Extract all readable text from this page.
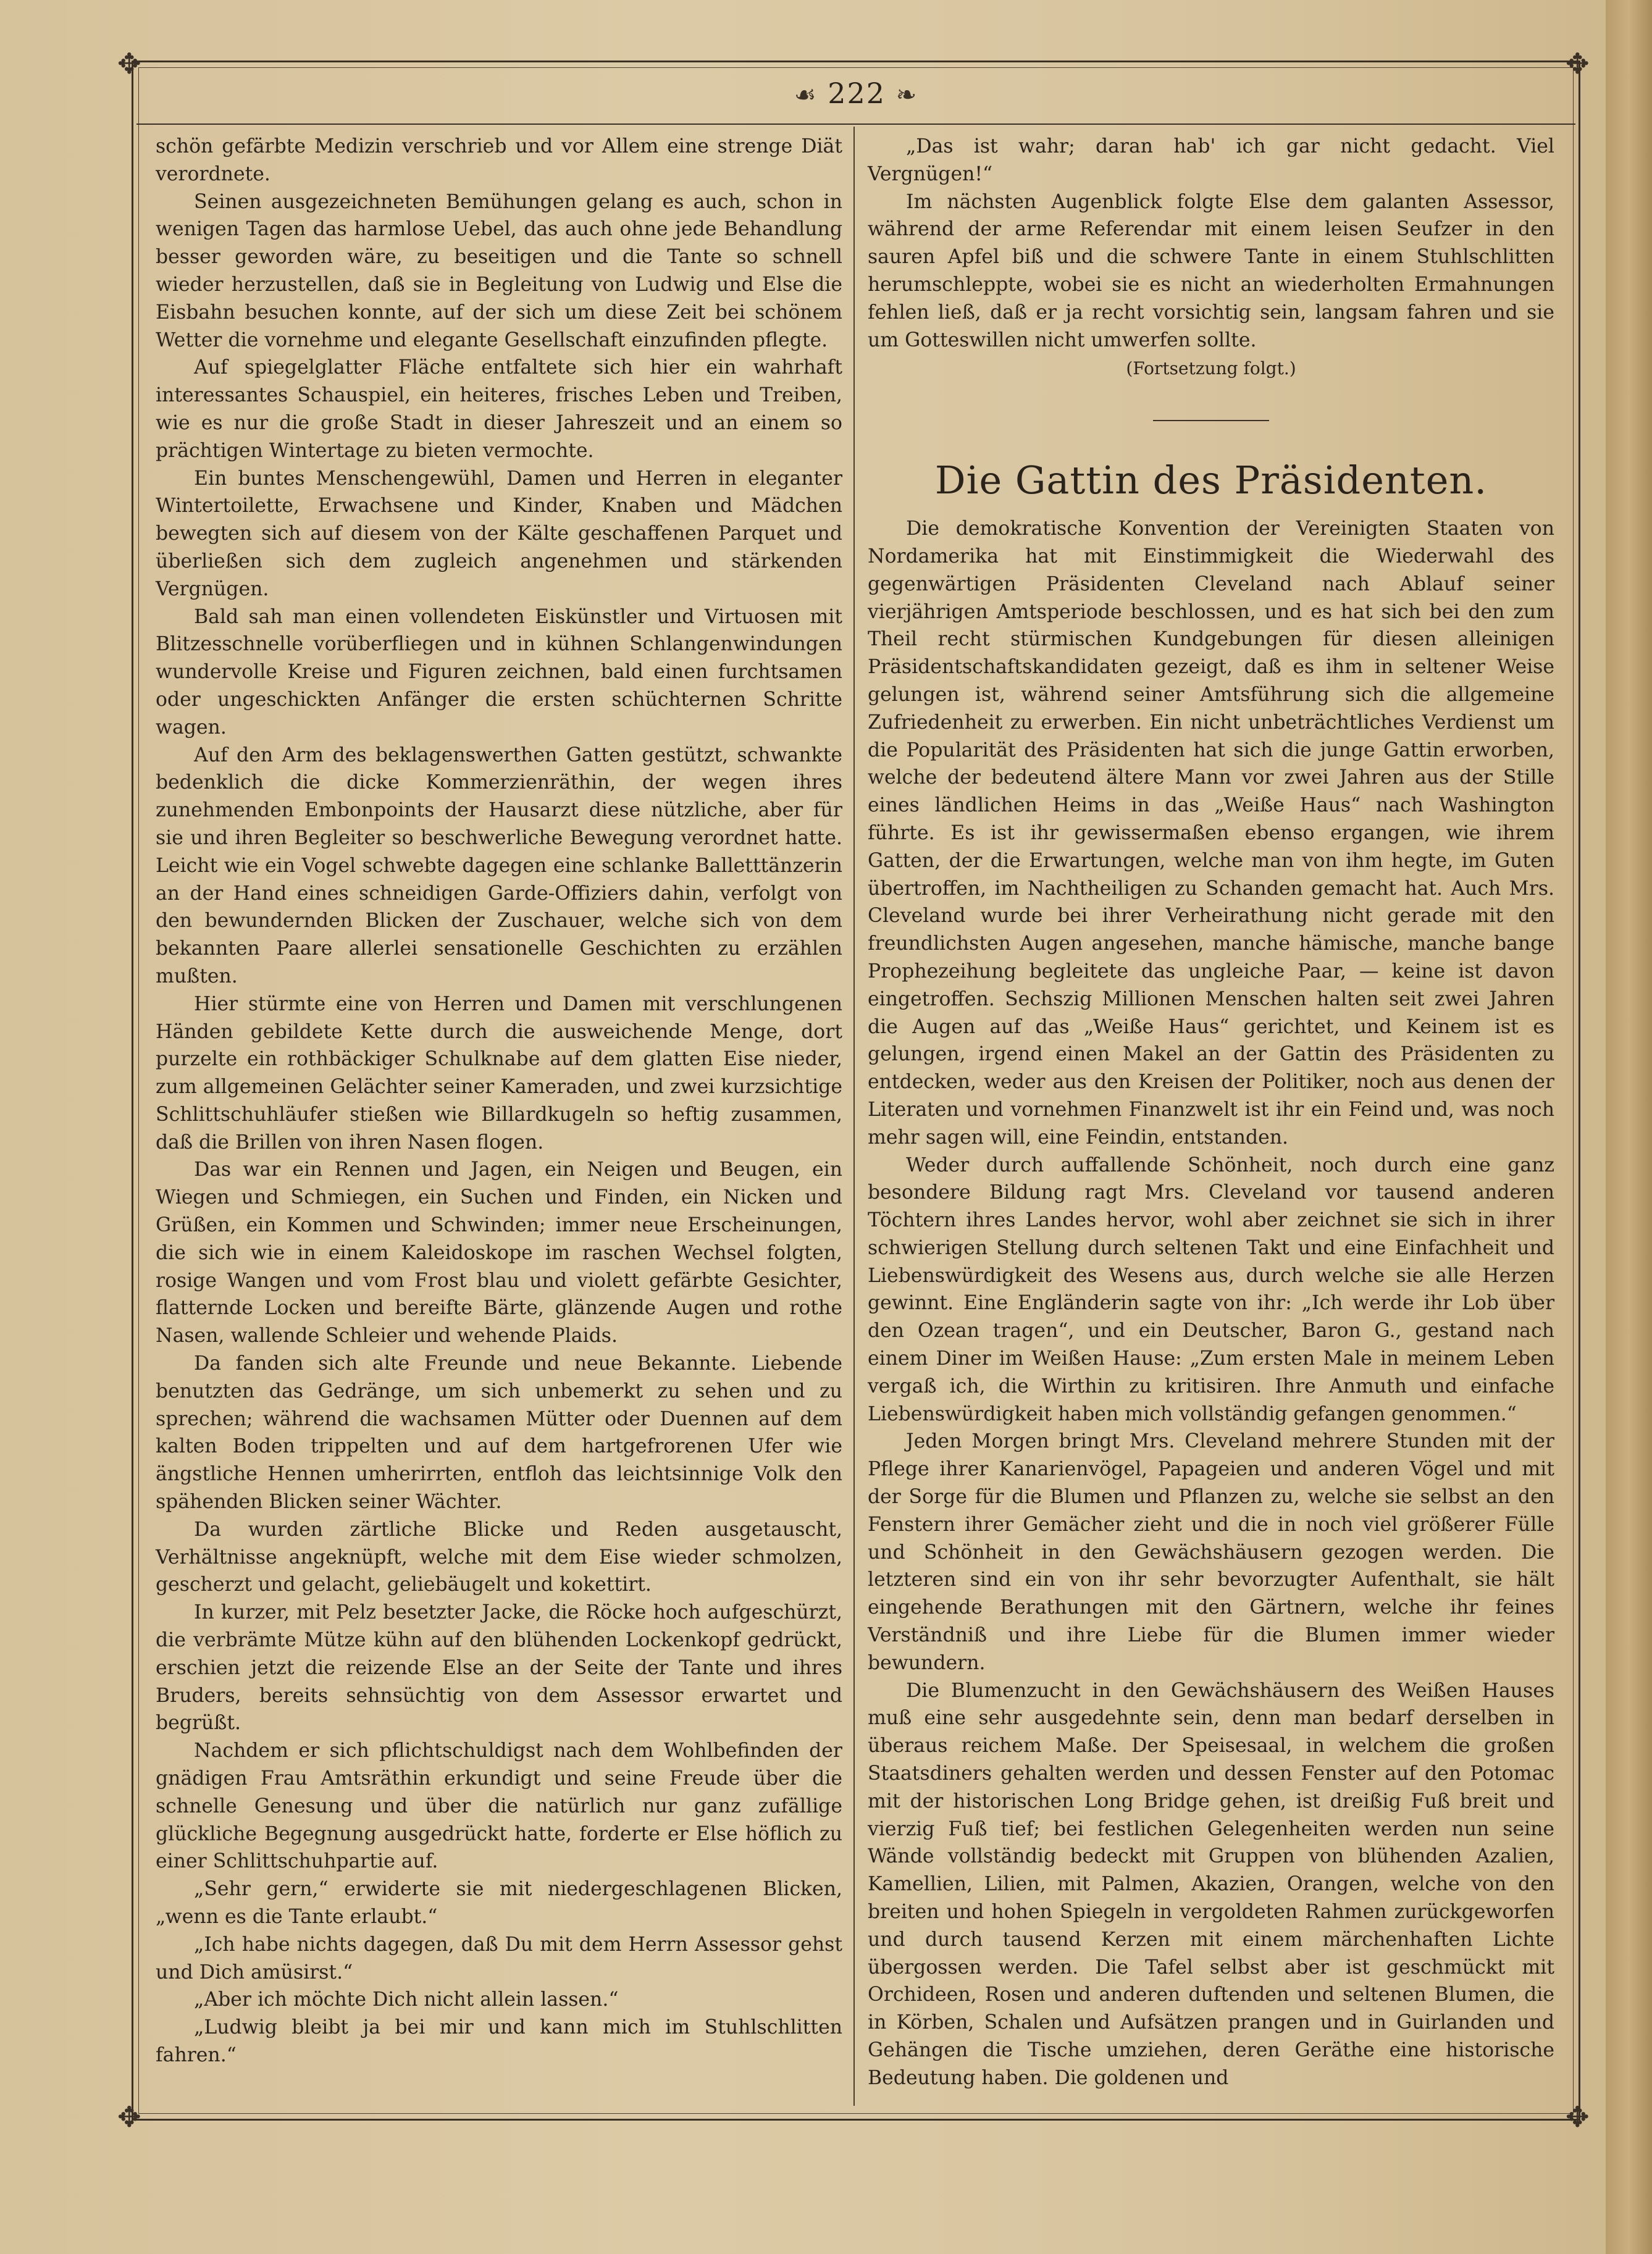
✥	✥
✥	✥
☙ 222 ❧

schön gefärbte Medizin verschrieb und vor Allem eine strenge Diät verordnete.

Seinen ausgezeichneten Bemühungen gelang es auch, schon in wenigen Tagen das harmlose Uebel, das auch ohne jede Behandlung besser geworden wäre, zu beseitigen und die Tante so schnell wieder herzustellen, daß sie in Begleitung von Ludwig und Else die Eisbahn besuchen konnte, auf der sich um diese Zeit bei schönem Wetter die vornehme und elegante Gesellschaft einzufinden pflegte.

Auf spiegelglatter Fläche entfaltete sich hier ein wahrhaft interessantes Schauspiel, ein heiteres, frisches Leben und Treiben, wie es nur die große Stadt in dieser Jahreszeit und an einem so prächtigen Wintertage zu bieten vermochte.

Ein buntes Menschengewühl, Damen und Herren in eleganter Wintertoilette, Erwachsene und Kinder, Knaben und Mädchen bewegten sich auf diesem von der Kälte geschaffenen Parquet und überließen sich dem zugleich angenehmen und stärkenden Vergnügen.

Bald sah man einen vollendeten Eiskünstler und Virtuosen mit Blitzesschnelle vorüberfliegen und in kühnen Schlangenwindungen wundervolle Kreise und Figuren zeichnen, bald einen furchtsamen oder ungeschickten Anfänger die ersten schüchternen Schritte wagen.

Auf den Arm des beklagenswerthen Gatten gestützt, schwankte bedenklich die dicke Kommerzienräthin, der wegen ihres zunehmenden Embonpoints der Hausarzt diese nützliche, aber für sie und ihren Begleiter so beschwerliche Bewegung verordnet hatte. Leicht wie ein Vogel schwebte dagegen eine schlanke Balletttänzerin an der Hand eines schneidigen Garde-Offiziers dahin, verfolgt von den bewundernden Blicken der Zuschauer, welche sich von dem bekannten Paare allerlei sensationelle Geschichten zu erzählen mußten.

Hier stürmte eine von Herren und Damen mit verschlungenen Händen gebildete Kette durch die ausweichende Menge, dort purzelte ein rothbäckiger Schulknabe auf dem glatten Eise nieder, zum allgemeinen Gelächter seiner Kameraden, und zwei kurzsichtige Schlittschuhläufer stießen wie Billardkugeln so heftig zusammen, daß die Brillen von ihren Nasen flogen.

Das war ein Rennen und Jagen, ein Neigen und Beugen, ein Wiegen und Schmiegen, ein Suchen und Finden, ein Nicken und Grüßen, ein Kommen und Schwinden; immer neue Erscheinungen, die sich wie in einem Kaleidoskope im raschen Wechsel folgten, rosige Wangen und vom Frost blau und violett gefärbte Gesichter, flatternde Locken und bereifte Bärte, glänzende Augen und rothe Nasen, wallende Schleier und wehende Plaids.

Da fanden sich alte Freunde und neue Bekannte. Liebende benutzten das Gedränge, um sich unbemerkt zu sehen und zu sprechen; während die wachsamen Mütter oder Duennen auf dem kalten Boden trippelten und auf dem hartgefrorenen Ufer wie ängstliche Hennen umherirrten, entfloh das leichtsinnige Volk den spähenden Blicken seiner Wächter.

Da wurden zärtliche Blicke und Reden ausgetauscht, Verhältnisse angeknüpft, welche mit dem Eise wieder schmolzen, gescherzt und gelacht, geliebäugelt und kokettirt.

In kurzer, mit Pelz besetzter Jacke, die Röcke hoch aufgeschürzt, die verbrämte Mütze kühn auf den blühenden Lockenkopf gedrückt, erschien jetzt die reizende Else an der Seite der Tante und ihres Bruders, bereits sehnsüchtig von dem Assessor erwartet und begrüßt.

Nachdem er sich pflichtschuldigst nach dem Wohlbefinden der gnädigen Frau Amtsräthin erkundigt und seine Freude über die schnelle Genesung und über die natürlich nur ganz zufällige glückliche Begegnung ausgedrückt hatte, forderte er Else höflich zu einer Schlittschuhpartie auf.

„Sehr gern,“ erwiderte sie mit niedergeschlagenen Blicken, „wenn es die Tante erlaubt.“

„Ich habe nichts dagegen, daß Du mit dem Herrn Assessor gehst und Dich amüsirst.“

„Aber ich möchte Dich nicht allein lassen.“

„Ludwig bleibt ja bei mir und kann mich im Stuhlschlitten fahren.“

„Das ist wahr; daran hab' ich gar nicht gedacht. Viel Vergnügen!“

Im nächsten Augenblick folgte Else dem galanten Assessor, während der arme Referendar mit einem leisen Seufzer in den sauren Apfel biß und die schwere Tante in einem Stuhlschlitten herumschleppte, wobei sie es nicht an wiederholten Ermahnungen fehlen ließ, daß er ja recht vorsichtig sein, langsam fahren und sie um Gotteswillen nicht umwerfen sollte.

(Fortsetzung folgt.)
Die Gattin des Präsidenten.

Die demokratische Konvention der Vereinigten Staaten von Nordamerika hat mit Einstimmigkeit die Wiederwahl des gegenwärtigen Präsidenten Cleveland nach Ablauf seiner vierjährigen Amtsperiode beschlossen, und es hat sich bei den zum Theil recht stürmischen Kundgebungen für diesen alleinigen Präsidentschaftskandidaten gezeigt, daß es ihm in seltener Weise gelungen ist, während seiner Amtsführung sich die allgemeine Zufriedenheit zu erwerben. Ein nicht unbeträchtliches Verdienst um die Popularität des Präsidenten hat sich die junge Gattin erworben, welche der bedeutend ältere Mann vor zwei Jahren aus der Stille eines ländlichen Heims in das „Weiße Haus“ nach Washington führte. Es ist ihr gewissermaßen ebenso ergangen, wie ihrem Gatten, der die Erwartungen, welche man von ihm hegte, im Guten übertroffen, im Nachtheiligen zu Schanden gemacht hat. Auch Mrs. Cleveland wurde bei ihrer Verheirathung nicht gerade mit den freundlichsten Augen angesehen, manche hämische, manche bange Prophezeihung begleitete das ungleiche Paar, — keine ist davon eingetroffen. Sechszig Millionen Menschen halten seit zwei Jahren die Augen auf das „Weiße Haus“ gerichtet, und Keinem ist es gelungen, irgend einen Makel an der Gattin des Präsidenten zu entdecken, weder aus den Kreisen der Politiker, noch aus denen der Literaten und vornehmen Finanzwelt ist ihr ein Feind und, was noch mehr sagen will, eine Feindin, entstanden.

Weder durch auffallende Schönheit, noch durch eine ganz besondere Bildung ragt Mrs. Cleveland vor tausend anderen Töchtern ihres Landes hervor, wohl aber zeichnet sie sich in ihrer schwierigen Stellung durch seltenen Takt und eine Einfachheit und Liebenswürdigkeit des Wesens aus, durch welche sie alle Herzen gewinnt. Eine Engländerin sagte von ihr: „Ich werde ihr Lob über den Ozean tragen“, und ein Deutscher, Baron G., gestand nach einem Diner im Weißen Hause: „Zum ersten Male in meinem Leben vergaß ich, die Wirthin zu kritisiren. Ihre Anmuth und einfache Liebenswürdigkeit haben mich vollständig gefangen genommen.“

Jeden Morgen bringt Mrs. Cleveland mehrere Stunden mit der Pflege ihrer Kanarienvögel, Papageien und anderen Vögel und mit der Sorge für die Blumen und Pflanzen zu, welche sie selbst an den Fenstern ihrer Gemächer zieht und die in noch viel größerer Fülle und Schönheit in den Gewächshäusern gezogen werden. Die letzteren sind ein von ihr sehr bevorzugter Aufenthalt, sie hält eingehende Berathungen mit den Gärtnern, welche ihr feines Verständniß und ihre Liebe für die Blumen immer wieder bewundern.

Die Blumenzucht in den Gewächshäusern des Weißen Hauses muß eine sehr ausgedehnte sein, denn man bedarf derselben in überaus reichem Maße. Der Speisesaal, in welchem die großen Staatsdiners gehalten werden und dessen Fenster auf den Potomac mit der historischen Long Bridge gehen, ist dreißig Fuß breit und vierzig Fuß tief; bei festlichen Gelegenheiten werden nun seine Wände vollständig bedeckt mit Gruppen von blühenden Azalien, Kamellien, Lilien, mit Palmen, Akazien, Orangen, welche von den breiten und hohen Spiegeln in vergoldeten Rahmen zurückgeworfen und durch tausend Kerzen mit einem märchenhaften Lichte übergossen werden. Die Tafel selbst aber ist geschmückt mit Orchideen, Rosen und anderen duftenden und seltenen Blumen, die in Körben, Schalen und Aufsätzen prangen und in Guirlanden und Gehängen die Tische umziehen, deren Geräthe eine historische Bedeutung haben. Die goldenen und
